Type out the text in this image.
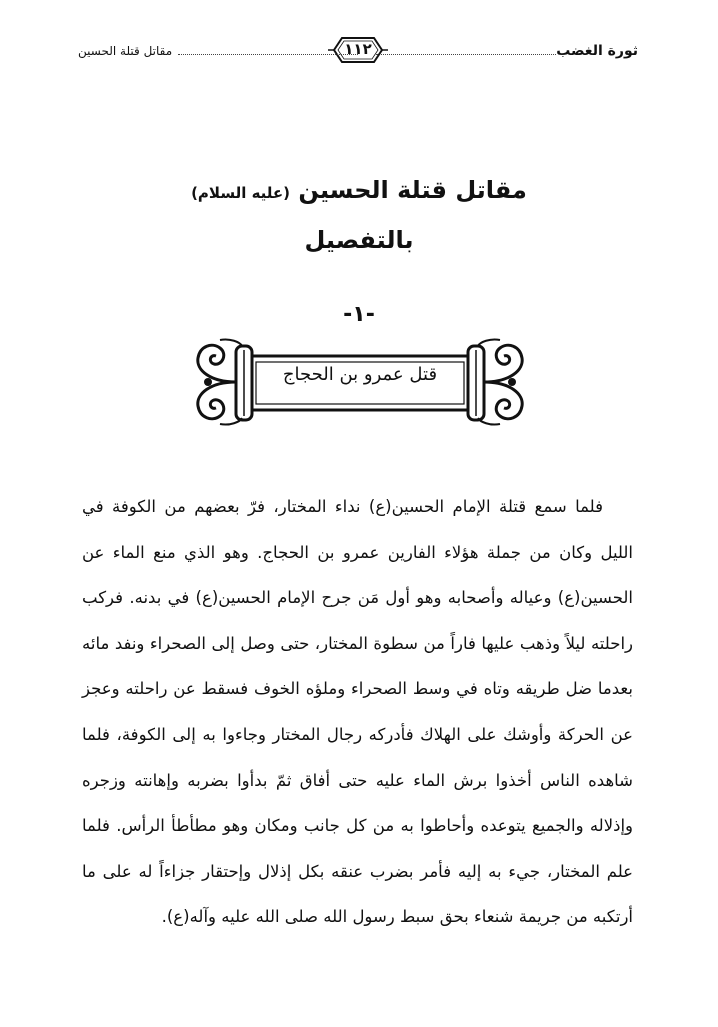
ثورة الغضب
١١٢
مقاتل قتلة الحسين
مقاتل قتلة الحسين (عليه السلام)
بالتفصيل
-١-
قتل عمرو بن الحجاج

فلما سمع قتلة الإمام الحسين(ع) نداء المختار، فرّ بعضهم من الكوفة في الليل وكان من جملة هؤلاء الفارين عمرو بن الحجاج. وهو الذي منع الماء عن الحسين(ع) وعياله وأصحابه وهو أول مَن جرح الإمام الحسين(ع) في بدنه. فركب راحلته ليلاً وذهب عليها فاراً من سطوة المختار، حتى وصل إلى الصحراء ونفد مائه بعدما ضل طريقه وتاه في وسط الصحراء وملؤه الخوف فسقط عن راحلته وعجز عن الحركة وأوشك على الهلاك فأدركه رجال المختار وجاءوا به إلى الكوفة، فلما شاهده الناس أخذوا برش الماء عليه حتى أفاق ثمّ بدأوا بضربه وإهانته وزجره وإذلاله والجميع يتوعده وأحاطوا به من كل جانب ومكان وهو مطأطأ الرأس. فلما علم المختار، جيء به إليه فأمر بضرب عنقه بكل إذلال وإحتقار جزاءاً له على ما أرتكبه من جريمة شنعاء بحق سبط رسول الله صلى الله عليه وآله(ع).
